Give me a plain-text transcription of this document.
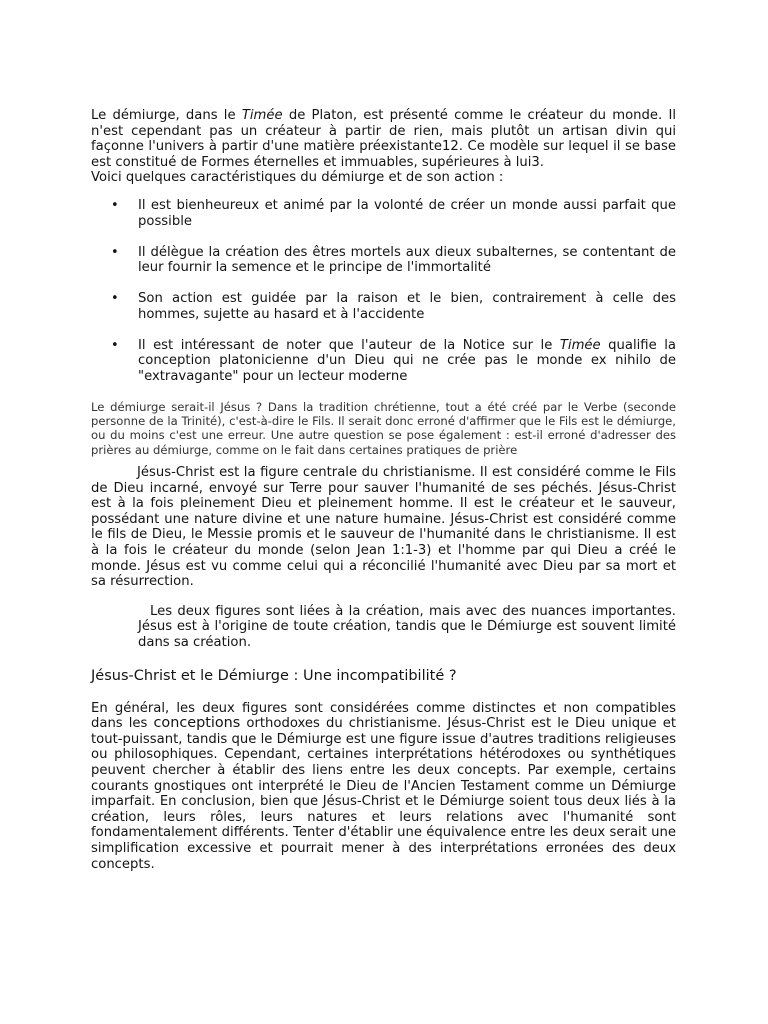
Le démiurge, dans le Timée de Platon, est présenté comme le créateur du monde. Il n'est cependant pas un créateur à partir de rien, mais plutôt un artisan divin qui façonne l'univers à partir d'une matière préexistante12. Ce modèle sur lequel il se base est constitué de Formes éternelles et immuables, supérieures à lui3.

Voici quelques caractéristiques du démiurge et de son action :

• Il est bienheureux et animé par la volonté de créer un monde aussi parfait que possible
• Il délègue la création des êtres mortels aux dieux subalternes, se contentant de leur fournir la semence et le principe de l'immortalité
• Son action est guidée par la raison et le bien, contrairement à celle des hommes, sujette au hasard et à l'accidente
• Il est intéressant de noter que l'auteur de la Notice sur le Timée qualifie la conception platonicienne d'un Dieu qui ne crée pas le monde ex nihilo de "extravagante" pour un lecteur moderne

Le démiurge serait-il Jésus ? Dans la tradition chrétienne, tout a été créé par le Verbe (seconde personne de la Trinité), c'est-à-dire le Fils. Il serait donc erroné d'affirmer que le Fils est le démiurge, ou du moins c'est une erreur. Une autre question se pose également : est-il erroné d'adresser des prières au démiurge, comme on le fait dans certaines pratiques de prière

Jésus-Christ est la figure centrale du christianisme. Il est considéré comme le Fils de Dieu incarné, envoyé sur Terre pour sauver l'humanité de ses péchés. Jésus-Christ est à la fois pleinement Dieu et pleinement homme. Il est le créateur et le sauveur, possédant une nature divine et une nature humaine. Jésus-Christ est considéré comme le fils de Dieu, le Messie promis et le sauveur de l'humanité dans le christianisme. Il est à la fois le créateur du monde (selon Jean 1:1-3) et l'homme par qui Dieu a créé le monde. Jésus est vu comme celui qui a réconcilié l'humanité avec Dieu par sa mort et sa résurrection.

Les deux figures sont liées à la création, mais avec des nuances importantes. Jésus est à l'origine de toute création, tandis que le Démiurge est souvent limité dans sa création.

Jésus-Christ et le Démiurge : Une incompatibilité ?

En général, les deux figures sont considérées comme distinctes et non compatibles dans les conceptions orthodoxes du christianisme. Jésus-Christ est le Dieu unique et tout-puissant, tandis que le Démiurge est une figure issue d'autres traditions religieuses ou philosophiques. Cependant, certaines interprétations hétérodoxes ou synthétiques peuvent chercher à établir des liens entre les deux concepts. Par exemple, certains courants gnostiques ont interprété le Dieu de l'Ancien Testament comme un Démiurge imparfait. En conclusion, bien que Jésus-Christ et le Démiurge soient tous deux liés à la création, leurs rôles, leurs natures et leurs relations avec l'humanité sont fondamentalement différents. Tenter d'établir une équivalence entre les deux serait une simplification excessive et pourrait mener à des interprétations erronées des deux concepts.
